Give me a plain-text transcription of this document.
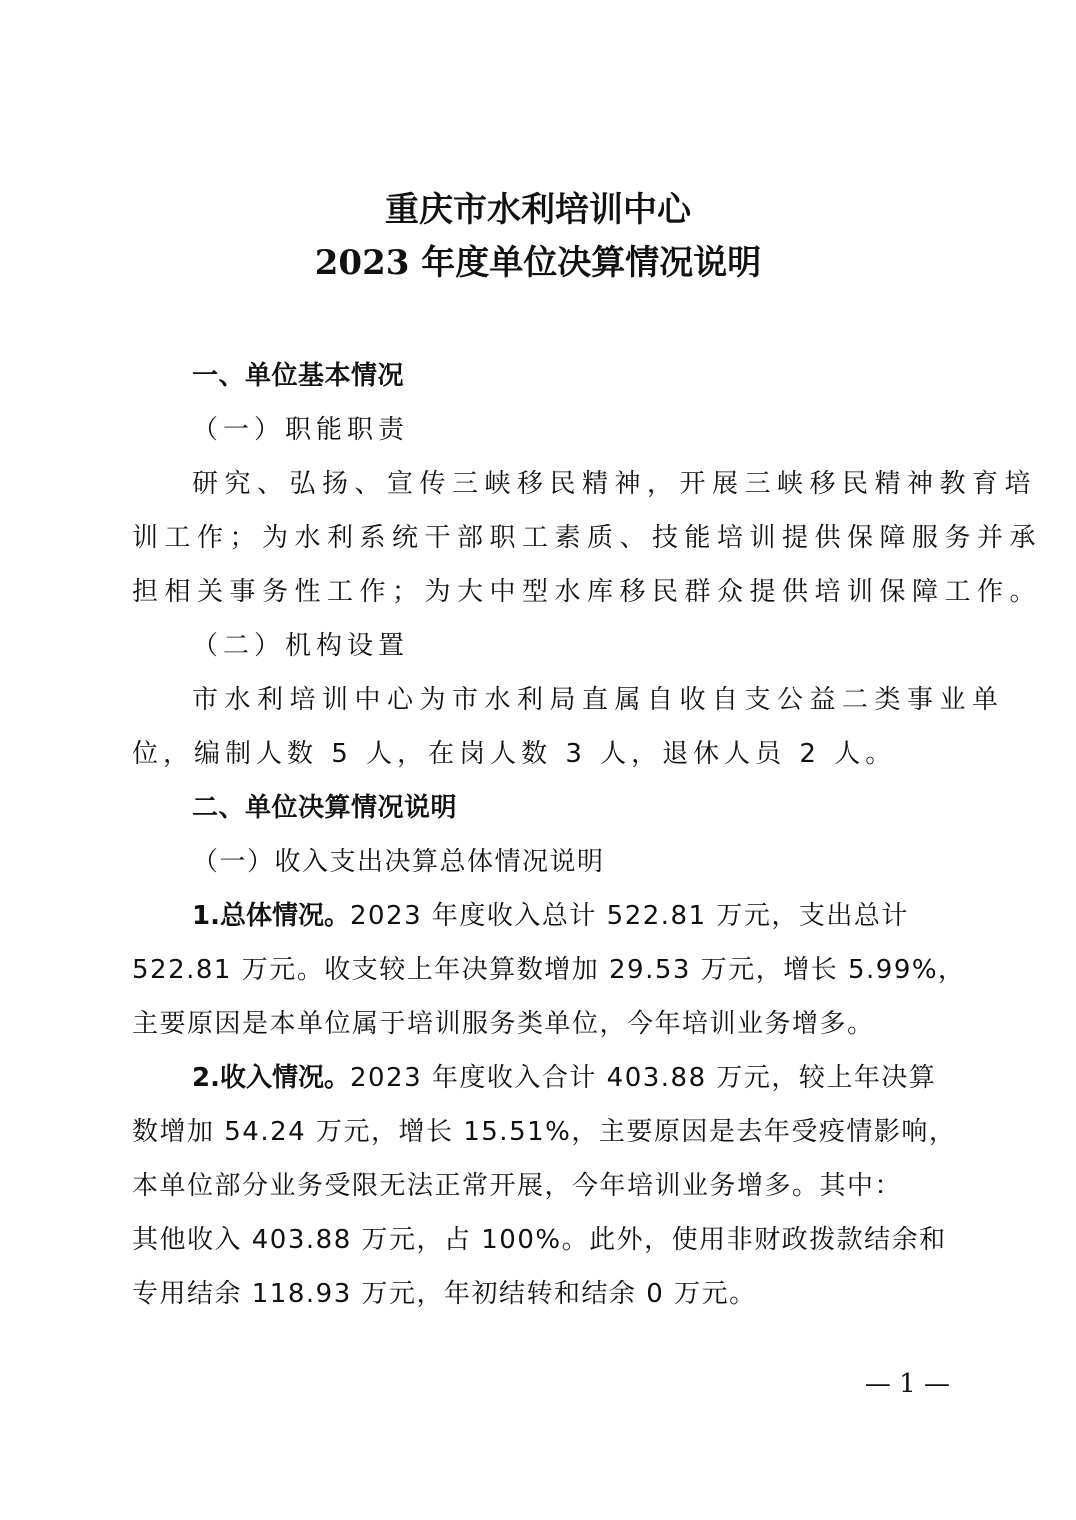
重庆市水利培训中心
2023 年度单位决算情况说明
一、单位基本情况
（一）职能职责
研究、弘扬、宣传三峡移民精神，开展三峡移民精神教育培
训工作；为水利系统干部职工素质、技能培训提供保障服务并承
担相关事务性工作；为大中型水库移民群众提供培训保障工作。
（二）机构设置
市水利培训中心为市水利局直属自收自支公益二类事业单
位，编制人数 5 人，在岗人数 3 人，退休人员 2 人。
二、单位决算情况说明
（一）收入支出决算总体情况说明
1.总体情况。2023 年度收入总计 522.81 万元，支出总计
522.81 万元。收支较上年决算数增加 29.53 万元，增长 5.99%，
主要原因是本单位属于培训服务类单位，今年培训业务增多。
2.收入情况。2023 年度收入合计 403.88 万元，较上年决算
数增加 54.24 万元，增长 15.51%，主要原因是去年受疫情影响，
本单位部分业务受限无法正常开展，今年培训业务增多。其中：
其他收入 403.88 万元，占 100%。此外，使用非财政拨款结余和
专用结余 118.93 万元，年初结转和结余 0 万元。
— 1 —
